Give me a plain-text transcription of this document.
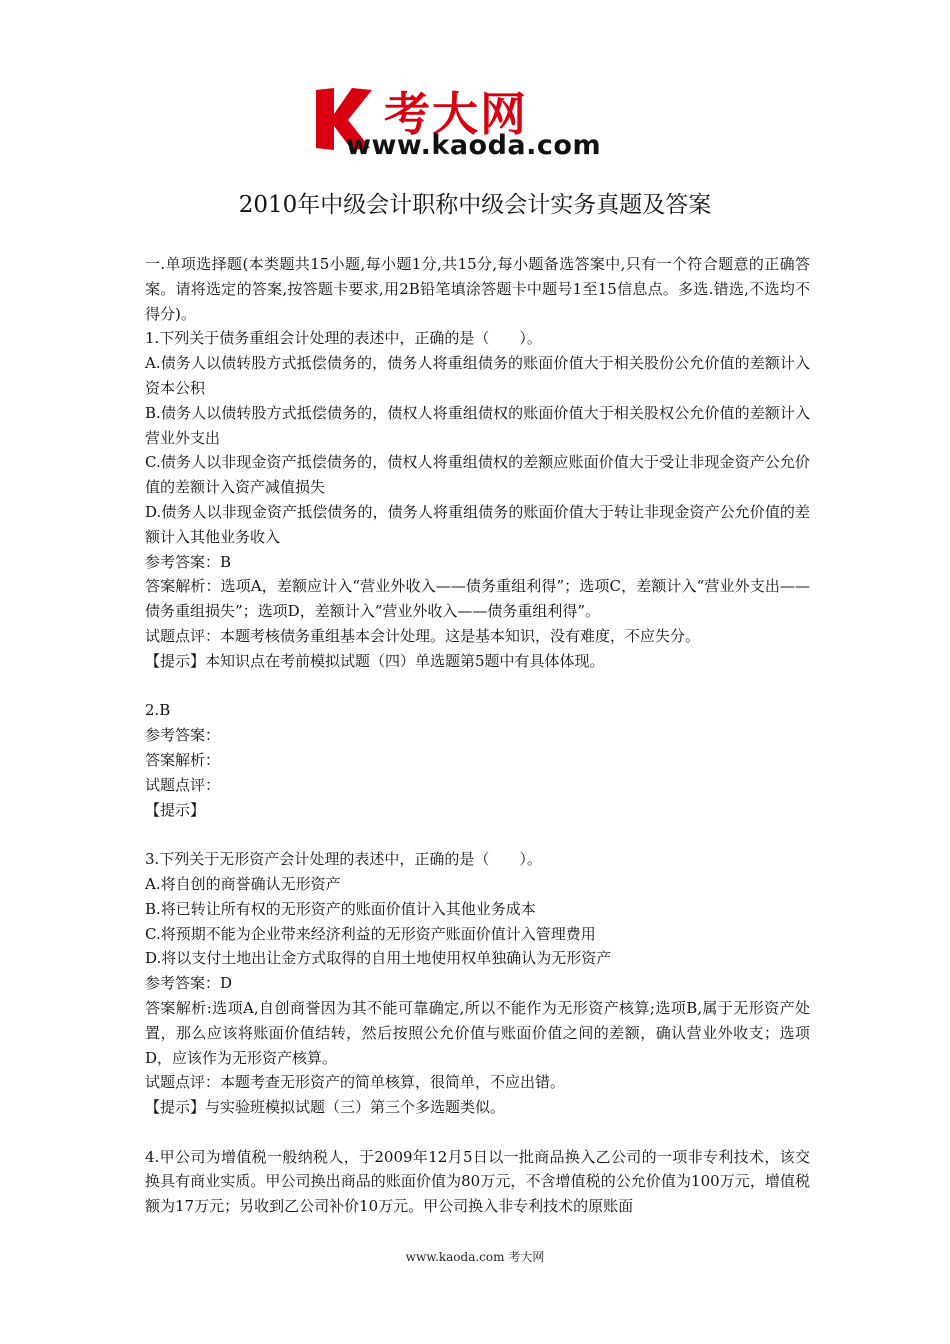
考大网
www.kaoda.com
2010年中级会计职称中级会计实务真题及答案

一.单项选择题(本类题共15小题,每小题1分,共15分,每小题备选答案中,只有一个符合题意的正确答案。请将选定的答案,按答题卡要求,用2B铅笔填涂答题卡中题号1至15信息点。多选.错选,不选均不得分)。

1.下列关于债务重组会计处理的表述中，正确的是（　　）。

A.债务人以债转股方式抵偿债务的，债务人将重组债务的账面价值大于相关股份公允价值的差额计入资本公积

B.债务人以债转股方式抵偿债务的，债权人将重组债权的账面价值大于相关股权公允价值的差额计入营业外支出

C.债务人以非现金资产抵偿债务的，债权人将重组债权的差额应账面价值大于受让非现金资产公允价值的差额计入资产减值损失

D.债务人以非现金资产抵偿债务的，债务人将重组债务的账面价值大于转让非现金资产公允价值的差额计入其他业务收入

参考答案：B

答案解析：选项A，差额应计入“营业外收入——债务重组利得”；选项C，差额计入“营业外支出——债务重组损失”；选项D，差额计入“营业外收入——债务重组利得”。

试题点评：本题考核债务重组基本会计处理。这是基本知识，没有难度，不应失分。

【提示】本知识点在考前模拟试题（四）单选题第5题中有具体体现。

2.B

参考答案：

答案解析：

试题点评：

【提示】

3.下列关于无形资产会计处理的表述中，正确的是（　　）。

A.将自创的商誉确认无形资产

B.将已转让所有权的无形资产的账面价值计入其他业务成本

C.将预期不能为企业带来经济利益的无形资产账面价值计入管理费用

D.将以支付土地出让金方式取得的自用土地使用权单独确认为无形资产

参考答案：D

答案解析:选项A,自创商誉因为其不能可靠确定,所以不能作为无形资产核算;选项B,属于无形资产处置，那么应该将账面价值结转，然后按照公允价值与账面价值之间的差额，确认营业外收支；选项D，应该作为无形资产核算。

试题点评：本题考查无形资产的简单核算，很简单，不应出错。

【提示】与实验班模拟试题（三）第三个多选题类似。

4.甲公司为增值税一般纳税人，于2009年12月5日以一批商品换入乙公司的一项非专利技术，该交换具有商业实质。甲公司换出商品的账面价值为80万元，不含增值税的公允价值为100万元，增值税额为17万元；另收到乙公司补价10万元。甲公司换入非专利技术的原账面

www.kaoda.com 考大网
